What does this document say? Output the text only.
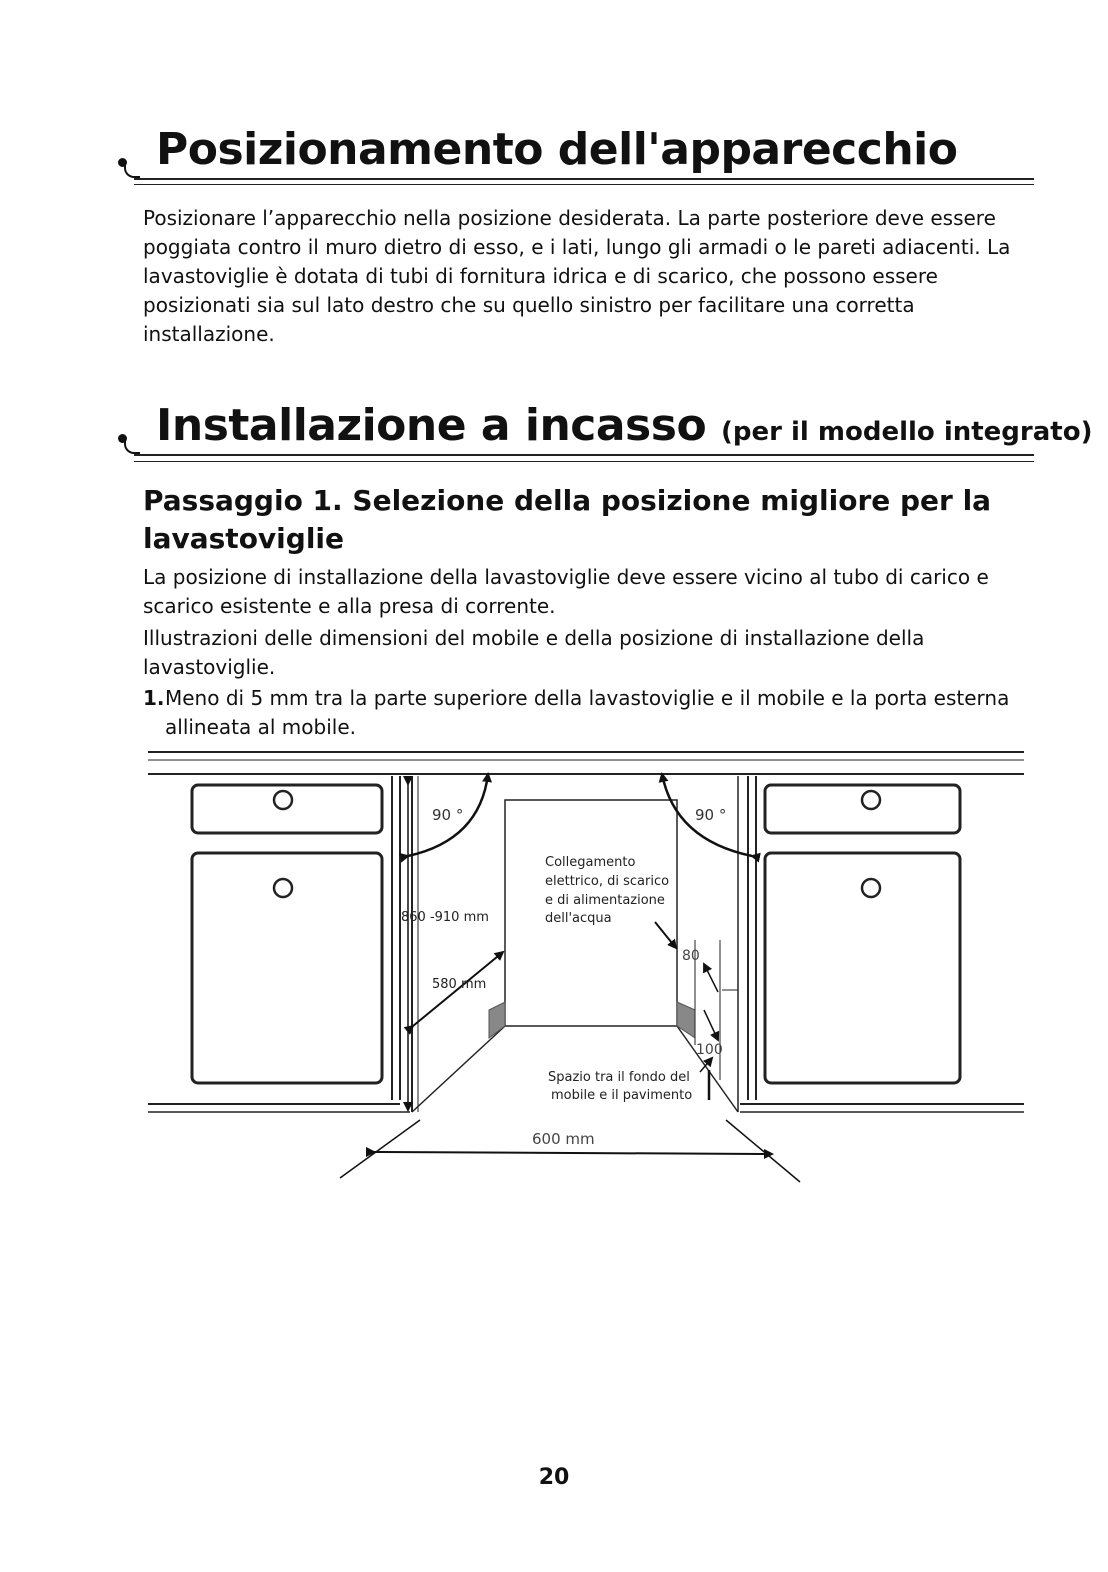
Posizionamento dell'apparecchio

Posizionare l’apparecchio nella posizione desiderata. La parte posteriore deve essere poggiata contro il muro dietro di esso, e i lati, lungo gli armadi o le pareti adiacenti. La lavastoviglie è dotata di tubi di fornitura idrica e di scarico, che possono essere posizionati sia sul lato destro che su quello sinistro per facilitare una corretta installazione.

Installazione a incasso (per il modello integrato)
Passaggio 1. Selezione della posizione migliore per la lavastoviglie

La posizione di installazione della lavastoviglie deve essere vicino al tubo di carico e scarico esistente e alla presa di corrente.

Illustrazioni delle dimensioni del mobile e della posizione di installazione della lavastoviglie.

1. Meno di 5 mm tra la parte superiore della lavastoviglie e il mobile e la porta esterna allineata al mobile.
90 °	90 °
860 -910 mm
580 mm
Collegamento
elettrico, di scarico
e di alimentazione
dell'acqua
80
100
Spazio tra il fondo del
mobile e il pavimento
600 mm
20
